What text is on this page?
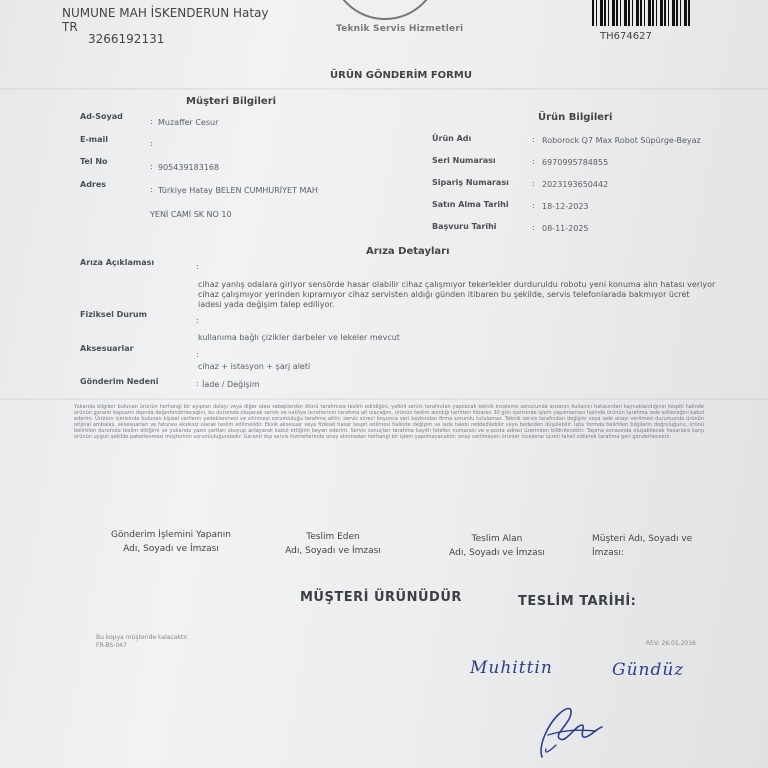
NUMUNE MAH İSKENDERUN Hatay
TR
3266192131
Teknik Servis Hizmetleri
TH674627
ÜRÜN GÖNDERİM FORMU
Müşteri Bilgileri
Ad-Soyad
: Muzaffer Cesur
E-mail	:
Tel No
: 905439183168
Adres
: Türkiye Hatay BELEN CUMHURİYET MAH
YENİ CAMİ SK NO 10
Ürün Bilgileri
Ürün Adı	: Roborock Q7 Max Robot Süpürge-Beyaz
Seri Numarası	: 6970995784855
Sipariş Numarası	: 2023193650442
Satın Alma Tarihi	: 18-12-2023
Başvuru Tarihi	: 08-11-2025
Arıza Detayları
Arıza Açıklaması	:
cihaz yanlış odalara giriyor sensörde hasar olabilir cihaz çalışmıyor tekerlekler durduruldu robotu yeni konuma alın hatası veriyor
cihaz çalışmıyor yerinden kıpramıyor cihaz servisten aldığı günden itibaren bu şekilde, servis telefonlarada bakmıyor ücret
iadesi yada değişim talep ediliyor.
Fiziksel Durum
:
kullanıma bağlı çizikler darbeler ve lekeler mevcut
Aksesuarlar
:
cihaz + istasyon + şarj aleti
Gönderim Nedeni	: İade / Değişim
Yukarıda bilgileri bulunan ürünün herhangi bir ayıptan dolayı veya diğer olası sebeplerden ötürü tarafımıza teslim edildiğini, yetkili servis tarafından yapılacak teknik inceleme sonucunda arızanın kullanıcı hatasından kaynaklandığının tespiti halinde ürünün garanti kapsamı dışında değerlendirileceğini, bu durumda oluşacak servis ve nakliye ücretlerinin tarafıma ait olacağını, ürünün teslim alındığı tarihten itibaren 30 gün içerisinde işlem yapılmaması halinde ürünün tarafıma iade edileceğini kabul ederim. Ürünün içerisinde bulunan kişisel verilerin yedeklenmesi ve silinmesi sorumluluğu tarafıma aittir; servis süreci boyunca veri kaybından firma sorumlu tutulamaz. Teknik servis tarafından değişim veya iade onayı verilmesi durumunda ürünün orijinal ambalajı, aksesuarları ve faturası eksiksiz olarak teslim edilmelidir. Eksik aksesuar veya fiziksel hasar tespit edilmesi halinde değişim ve iade talebi reddedilebilir veya bedelden düşülebilir. İşbu formda belirtilen bilgilerin doğruluğunu, ürünü belirtilen durumda teslim ettiğimi ve yukarıda yazılı şartları okuyup anlayarak kabul ettiğimi beyan ederim. Servis sonuçları tarafıma kayıtlı telefon numarası ve e-posta adresi üzerinden bildirilecektir. Taşıma esnasında oluşabilecek hasarlara karşı ürünün uygun şekilde paketlenmesi müşterinin sorumluluğundadır. Garanti dışı servis hizmetlerinde onay alınmadan herhangi bir işlem yapılmayacaktır; onay verilmeyen ürünler inceleme ücreti tahsil edilerek tarafıma geri gönderilecektir.
Gönderim İşlemini Yapanın
Adı, Soyadı ve İmzası
Teslim Eden
Adı, Soyadı ve İmzası
Teslim Alan
Adı, Soyadı ve İmzası
Müşteri Adı, Soyadı ve
İmzası:
MÜŞTERİ ÜRÜNÜDÜR	TESLİM TARİHİ:
Bu kopya müşteride kalacaktır.
FR-BS-047	REV: 26.01.2016
Muhittin	Gündüz
